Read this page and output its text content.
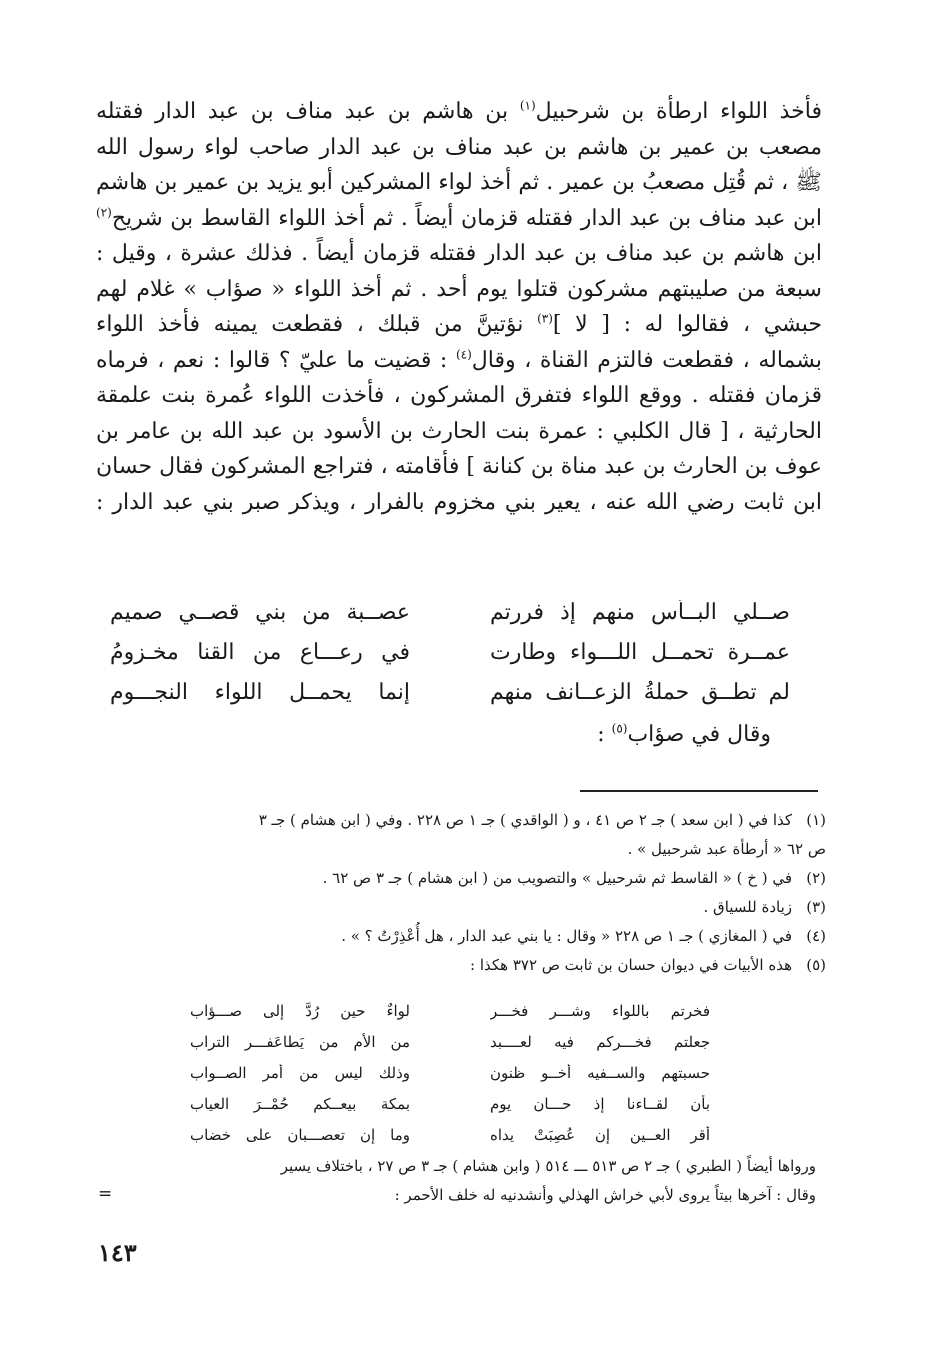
فأخذ اللواء ارطأة بن شرحبيل$^{(١)}$ بن هاشم بن عبد مناف بن عبد الدار فقتله
مصعب بن عمير بن هاشم بن عبد مناف بن عبد الدار صاحب لواء رسول الله
ﷺ ، ثم قُتِل مصعبُ بن عمير . ثم أخذ لواء المشركين أبو يزيد بن عمير بن هاشم
ابن عبد مناف بن عبد الدار فقتله قزمان أيضاً . ثم أخذ اللواء القاسط بن شريح$^{(٢)}$
ابن هاشم بن عبد مناف بن عبد الدار فقتله قزمان أيضاً . فذلك عشرة ، وقيل :
سبعة من صليبتهم مشركون قتلوا يوم أحد . ثم أخذ اللواء « صؤاب » غلام لهم
حبشي ، فقالوا له : [ لا ]$^{(٣)}$ نؤتينَّ من قبلك ، فقطعت يمينه فأخذ اللواء
بشماله ، فقطعت فالتزم القناة ، وقال$^{(٤)}$ : قضيت ما عليّ ؟ قالوا : نعم ، فرماه
قزمان فقتله . ووقع اللواء فتفرق المشركون ، فأخذت اللواء عُمرة بنت علمقة
الحارثية ، [ قال الكلبي : عمرة بنت الحارث بن الأسود بن عبد الله بن عامر بن
عوف بن الحارث بن عبد مناة بن كنانة ] فأقامته ، فتراجع المشركون فقال حسان
ابن ثابت رضي الله عنه ، يعير بني مخزوم بالفرار ، ويذكر صبر بني عبد الدار :
صــلي البــأس منهم إذ فررتم
عصــبة من بني قصــي صميم
عمــرة تحمــل اللـــواء وطارت
في رعـــاع من القنا مخـزومُ
لم تطــق حملةُ الزعــانف منهم
إنما يحمــل اللواء النجـــوم
وقال في صؤاب$^{(٥)}$ :
(١)
كذا في ( ابن سعد ) جـ ٢ ص ٤١ ، و ( الواقدي ) جـ ١ ص ٢٢٨ . وفي ( ابن هشام ) جـ ٣
ص ٦٢ « أرطأة عبد شرحبيل » .
(٢)
في ( خ ) « القاسط ثم شرحبيل » والتصويب من ( ابن هشام ) جـ ٣ ص ٦٢ .
(٣)
زيادة للسياق .
(٤)
في ( المغازي ) جـ ١ ص ٢٢٨ « وقال : يا بني عبد الدار ، هل أُعْذِرْتُ ؟ » .
(٥)
هذه الأبيات في ديوان حسان بن ثابت ص ٣٧٢ هكذا :
فخرتم باللواء وشـــر فخـــر
لواءٌ حين رُدَّ إلى صـــؤاب
جعلتم فخـــركم فيه لعــــبد
من الأم من يَطاعَفـــر التراب
حسبتهم والســفيه أخــو ظنون
وذلك ليس من أمر الصــواب
بأن لقــاءنا إذ حـــان يوم
بمكة بيعــكم حُمْــرَ العياب
أقر العــين إن عُصِبَتْ يداه
وما إن تعصـــبان على خضاب
ورواها أيضاً ( الطبري ) جـ ٢ ص ٥١٣ ـــ ٥١٤ ( وابن هشام ) جـ ٣ ص ٢٧ ، باختلاف يسير
وقال : آخرها بيتاً يروى لأبي خراش الهذلي وأنشدنيه له خلف الأحمر :
=
١٤٣
